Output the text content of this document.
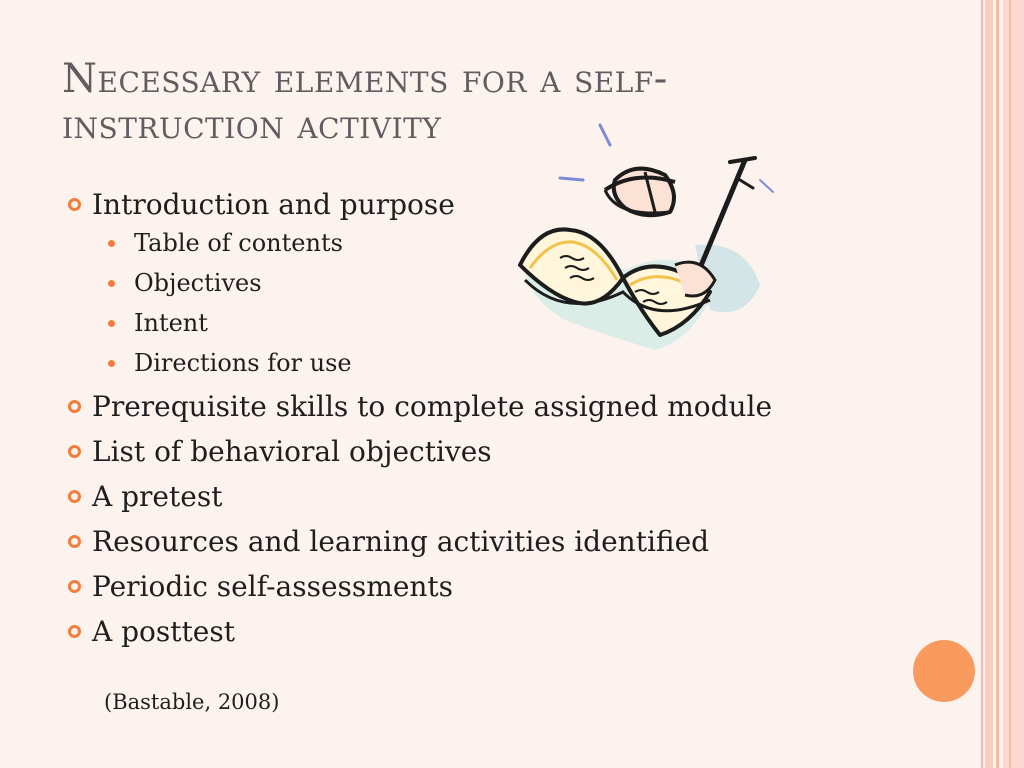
Necessary elements for a self-instruction activity
Introduction and purpose
Table of contents
Objectives
Intent
Directions for use
Prerequisite skills to complete assigned module
List of behavioral objectives
A pretest
Resources and learning activities identified
Periodic self-assessments
A posttest
(Bastable, 2008)
